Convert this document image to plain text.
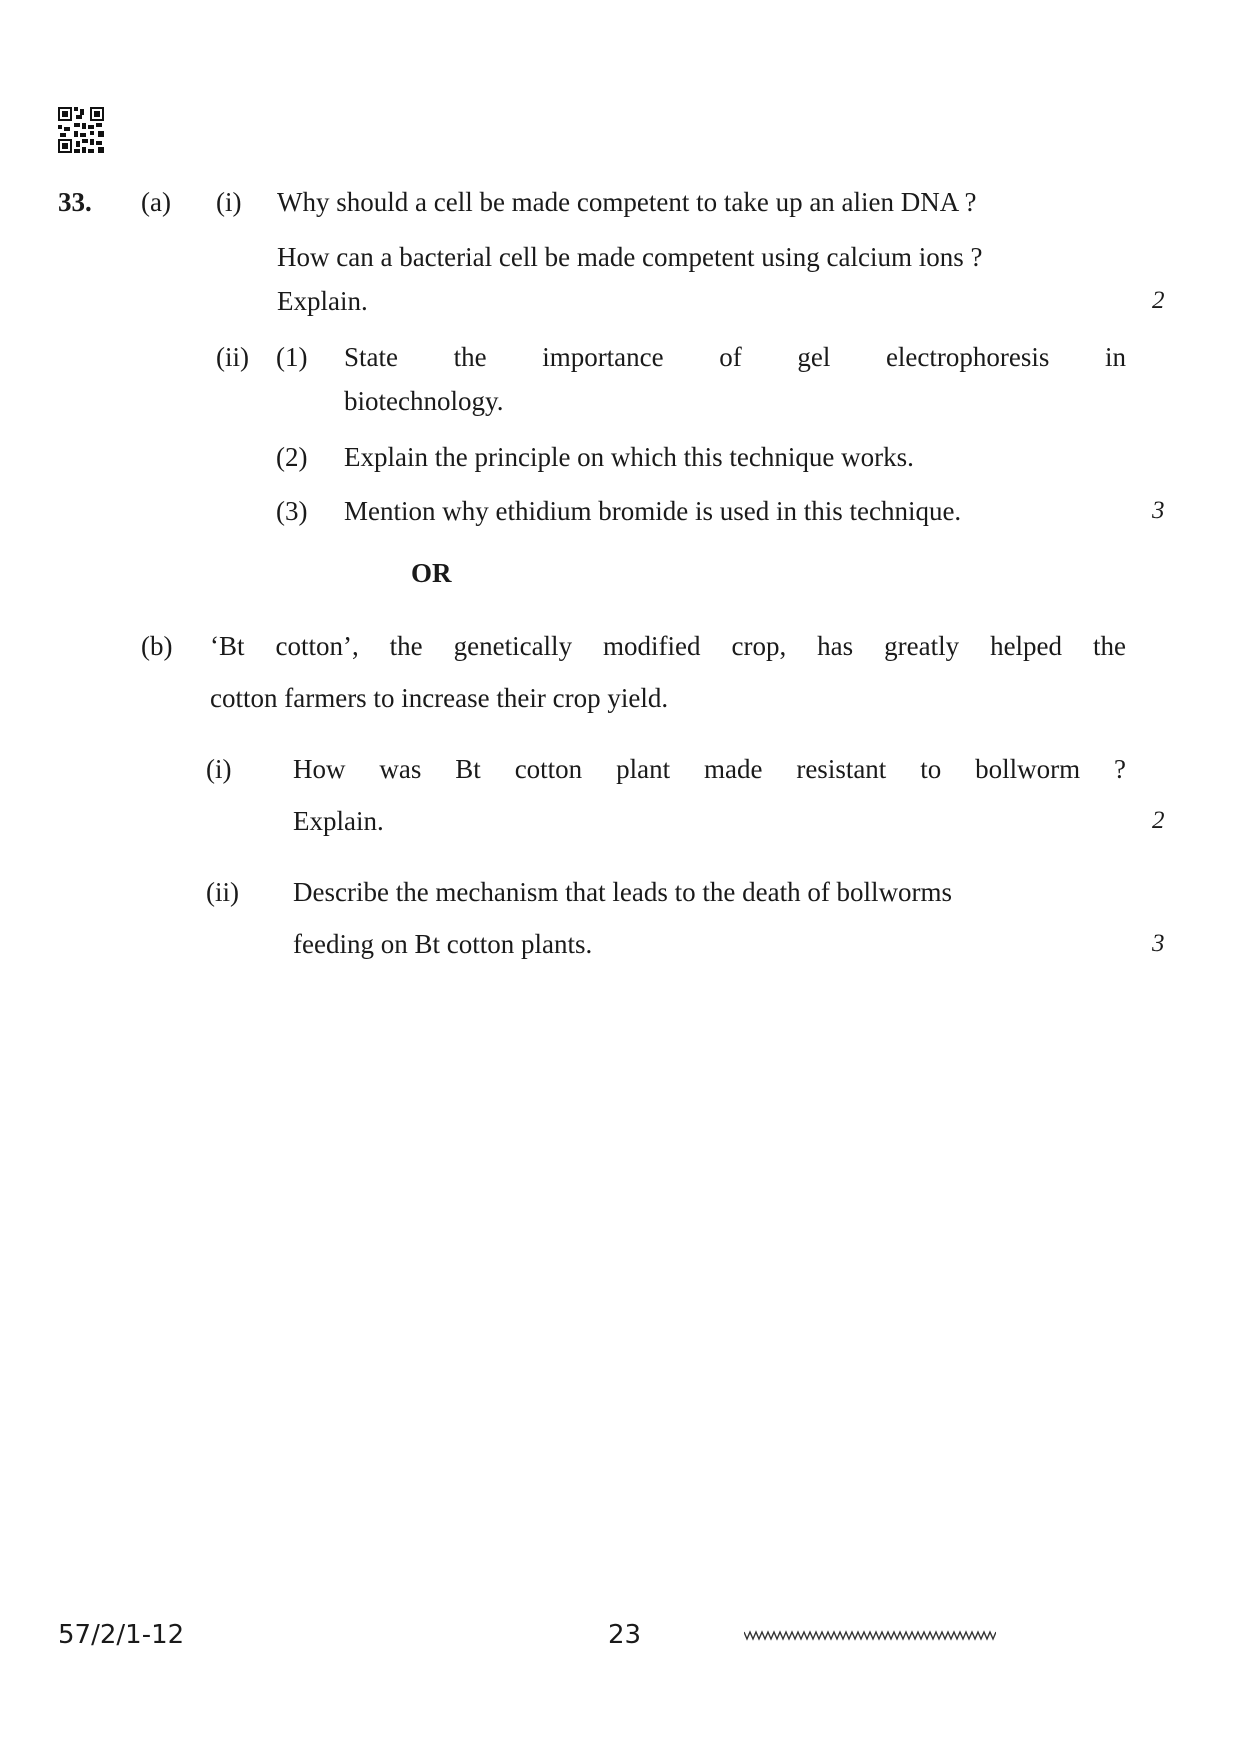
33. (a) (i) Why should a cell be made competent to take up an alien DNA ?
How can a bacterial cell be made competent using calcium ions ?
Explain.	2
(ii) (1) State the importance of gel electrophoresis in
biotechnology.
(2) Explain the principle on which this technique works.
(3) Mention why ethidium bromide is used in this technique.	3
OR
(b) ‘Bt cotton’, the genetically modified crop, has greatly helped the
cotton farmers to increase their crop yield.
(i) How was Bt cotton plant made resistant to bollworm ?
Explain.	2
(ii) Describe the mechanism that leads to the death of bollworms
feeding on Bt cotton plants.	3
57/2/1-12	23
